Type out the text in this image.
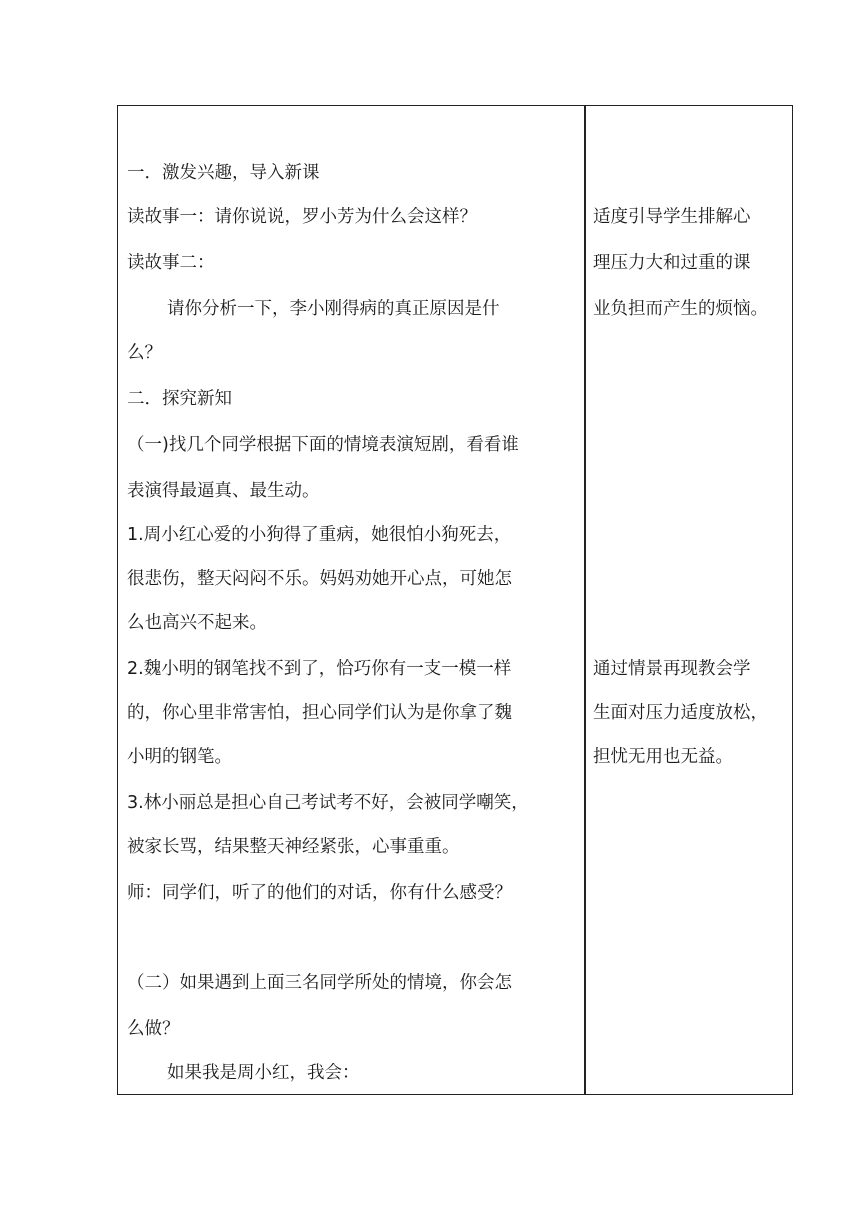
一．激发兴趣，导入新课
读故事一：请你说说，罗小芳为什么会这样？
读故事二：
请你分析一下，李小刚得病的真正原因是什
么？
二．探究新知
（一)找几个同学根据下面的情境表演短剧，看看谁
表演得最逼真、最生动。
1.周小红心爱的小狗得了重病，她很怕小狗死去，
很悲伤，整天闷闷不乐。妈妈劝她开心点，可她怎
么也高兴不起来。
2.魏小明的钢笔找不到了，恰巧你有一支一模一样
的，你心里非常害怕，担心同学们认为是你拿了魏
小明的钢笔。
3.林小丽总是担心自己考试考不好，会被同学嘲笑，
被家长骂，结果整天神经紧张，心事重重。
师：同学们，听了的他们的对话，你有什么感受？
（二）如果遇到上面三名同学所处的情境，你会怎
么做？
如果我是周小红，我会：
适度引导学生排解心
理压力大和过重的课
业负担而产生的烦恼。
通过情景再现教会学
生面对压力适度放松，
担忧无用也无益。
